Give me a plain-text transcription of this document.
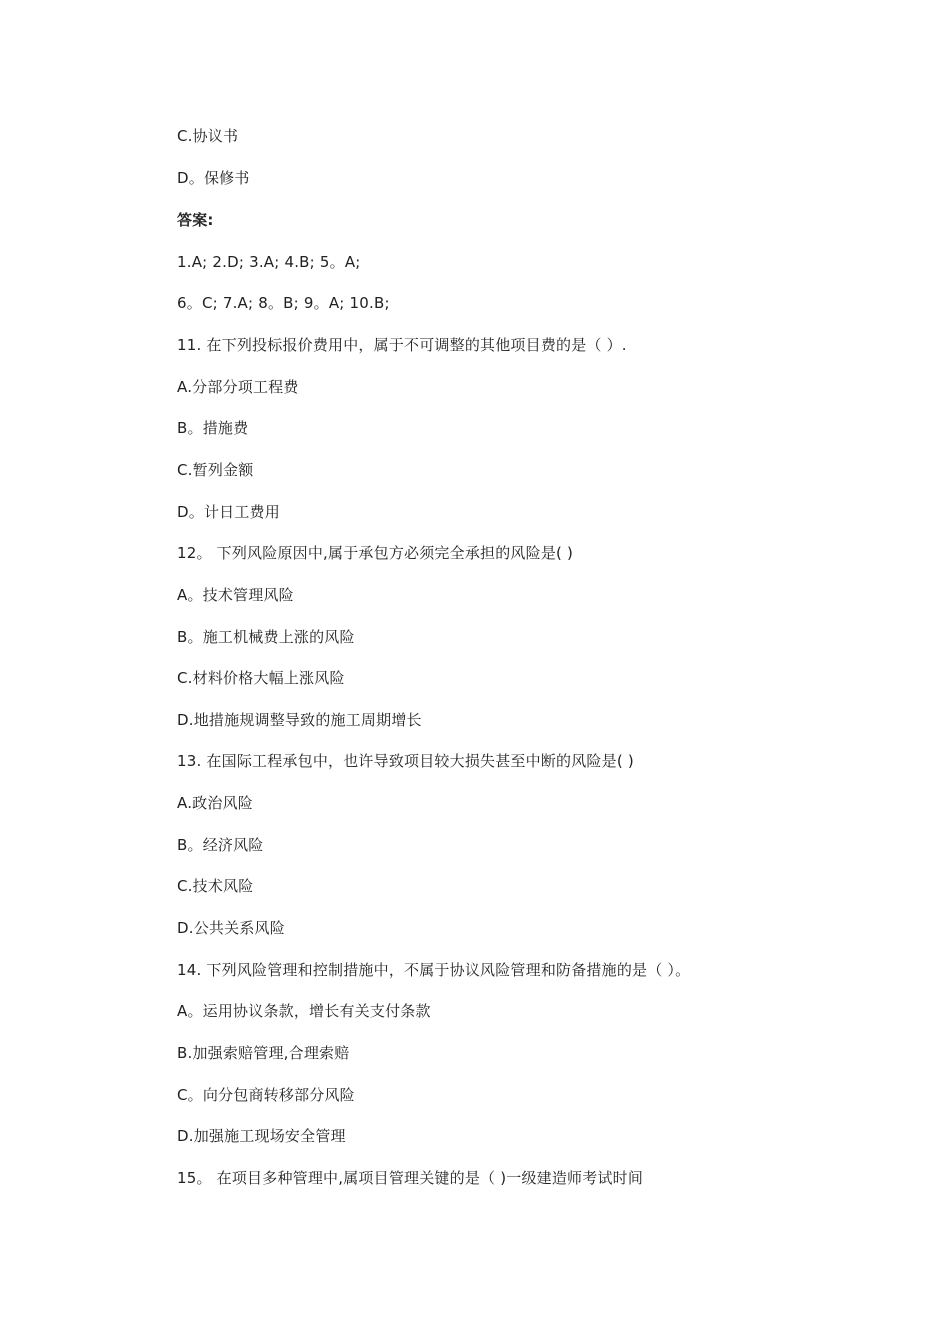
C.协议书
D。保修书
答案:
1.A; 2.D; 3.A; 4.B; 5。A;
6。C; 7.A; 8。B; 9。A; 10.B;
11. 在下列投标报价费用中，属于不可调整的其他项目费的是（ ）.
A.分部分项工程费
B。措施费
C.暂列金额
D。计日工费用
12。 下列风险原因中,属于承包方必须完全承担的风险是( )
A。技术管理风险
B。施工机械费上涨的风险
C.材料价格大幅上涨风险
D.地措施规调整导致的施工周期增长
13. 在国际工程承包中，也许导致项目较大损失甚至中断的风险是( )
A.政治风险
B。经济风险
C.技术风险
D.公共关系风险
14. 下列风险管理和控制措施中，不属于协议风险管理和防备措施的是（ ）。
A。运用协议条款，增长有关支付条款
B.加强索赔管理,合理索赔
C。向分包商转移部分风险
D.加强施工现场安全管理
15。 在项目多种管理中,属项目管理关键的是（ )一级建造师考试时间
